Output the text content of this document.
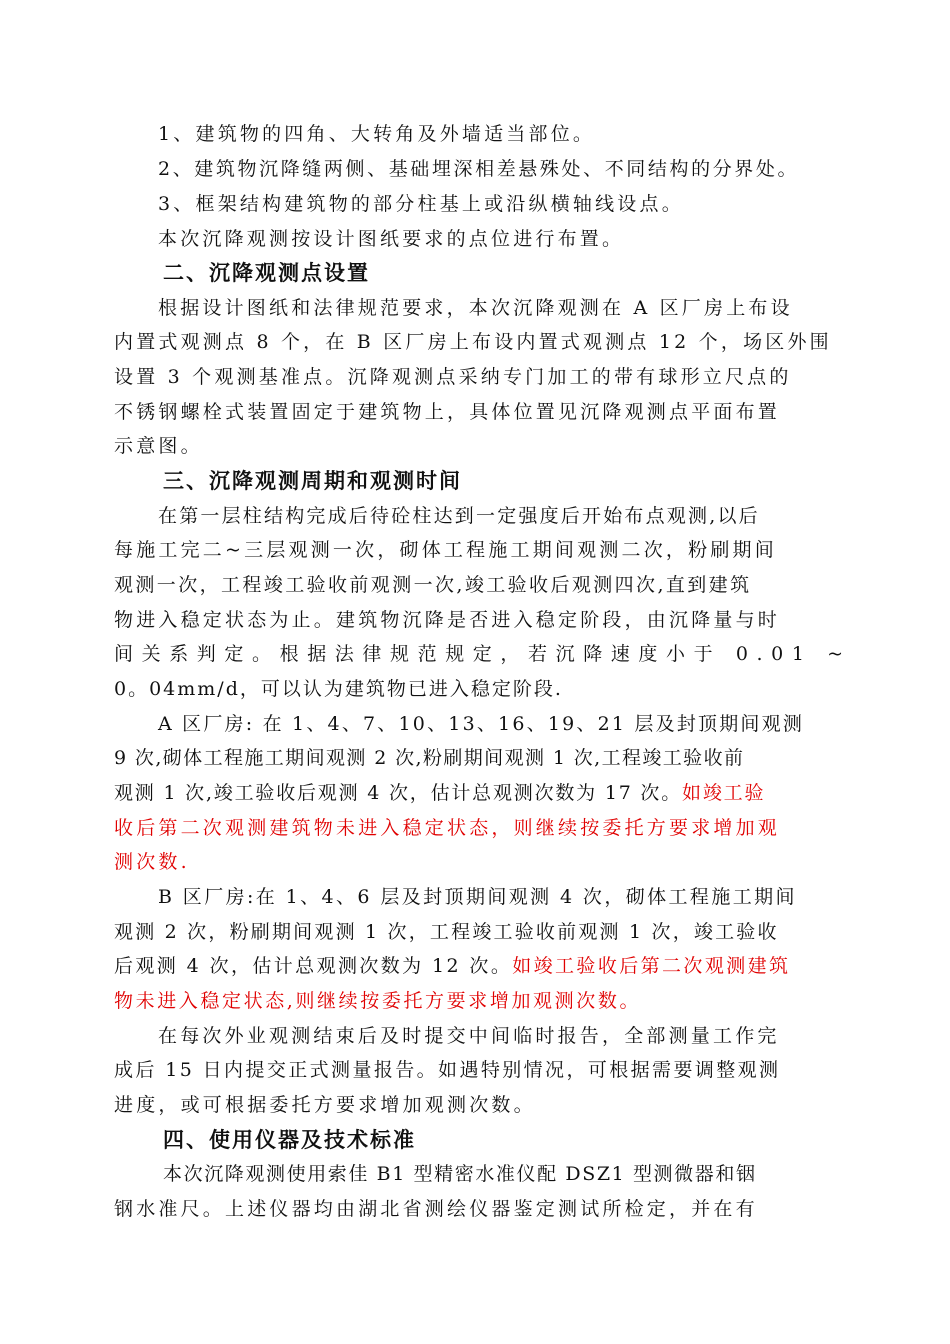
1、建筑物的四角、大转角及外墙适当部位。
2、建筑物沉降缝两侧、基础埋深相差悬殊处、不同结构的分界处。
3、框架结构建筑物的部分柱基上或沿纵横轴线设点。
本次沉降观测按设计图纸要求的点位进行布置。
二、沉降观测点设置
根据设计图纸和法律规范要求，本次沉降观测在 A 区厂房上布设
内置式观测点 8 个，在 B 区厂房上布设内置式观测点 12 个，场区外围
设置 3 个观测基准点。沉降观测点采纳专门加工的带有球形立尺点的
不锈钢螺栓式装置固定于建筑物上，具体位置见沉降观测点平面布置
示意图。
三、沉降观测周期和观测时间
在第一层柱结构完成后待砼柱达到一定强度后开始布点观测,以后
每施工完二~三层观测一次，砌体工程施工期间观测二次，粉刷期间
观测一次，工程竣工验收前观测一次,竣工验收后观测四次,直到建筑
物进入稳定状态为止。建筑物沉降是否进入稳定阶段，由沉降量与时
间关系判定。根据法律规范规定，若沉降速度小于 0.01 ~
0。04mm/d，可以认为建筑物已进入稳定阶段.
A 区厂房: 在 1、4、7、10、13、16、19、21 层及封顶期间观测
9 次,砌体工程施工期间观测 2 次,粉刷期间观测 1 次,工程竣工验收前
观测 1 次,竣工验收后观测 4 次，估计总观测次数为 17 次。如竣工验
收后第二次观测建筑物未进入稳定状态，则继续按委托方要求增加观
测次数.
B 区厂房:在 1、4、6 层及封顶期间观测 4 次，砌体工程施工期间
观测 2 次，粉刷期间观测 1 次，工程竣工验收前观测 1 次，竣工验收
后观测 4 次，估计总观测次数为 12 次。如竣工验收后第二次观测建筑
物未进入稳定状态,则继续按委托方要求增加观测次数。
在每次外业观测结束后及时提交中间临时报告，全部测量工作完
成后 15 日内提交正式测量报告。如遇特别情况，可根据需要调整观测
进度，或可根据委托方要求增加观测次数。
四、使用仪器及技术标准
本次沉降观测使用索佳 B1 型精密水准仪配 DSZ1 型测微器和铟
钢水准尺。上述仪器均由湖北省测绘仪器鉴定测试所检定，并在有
